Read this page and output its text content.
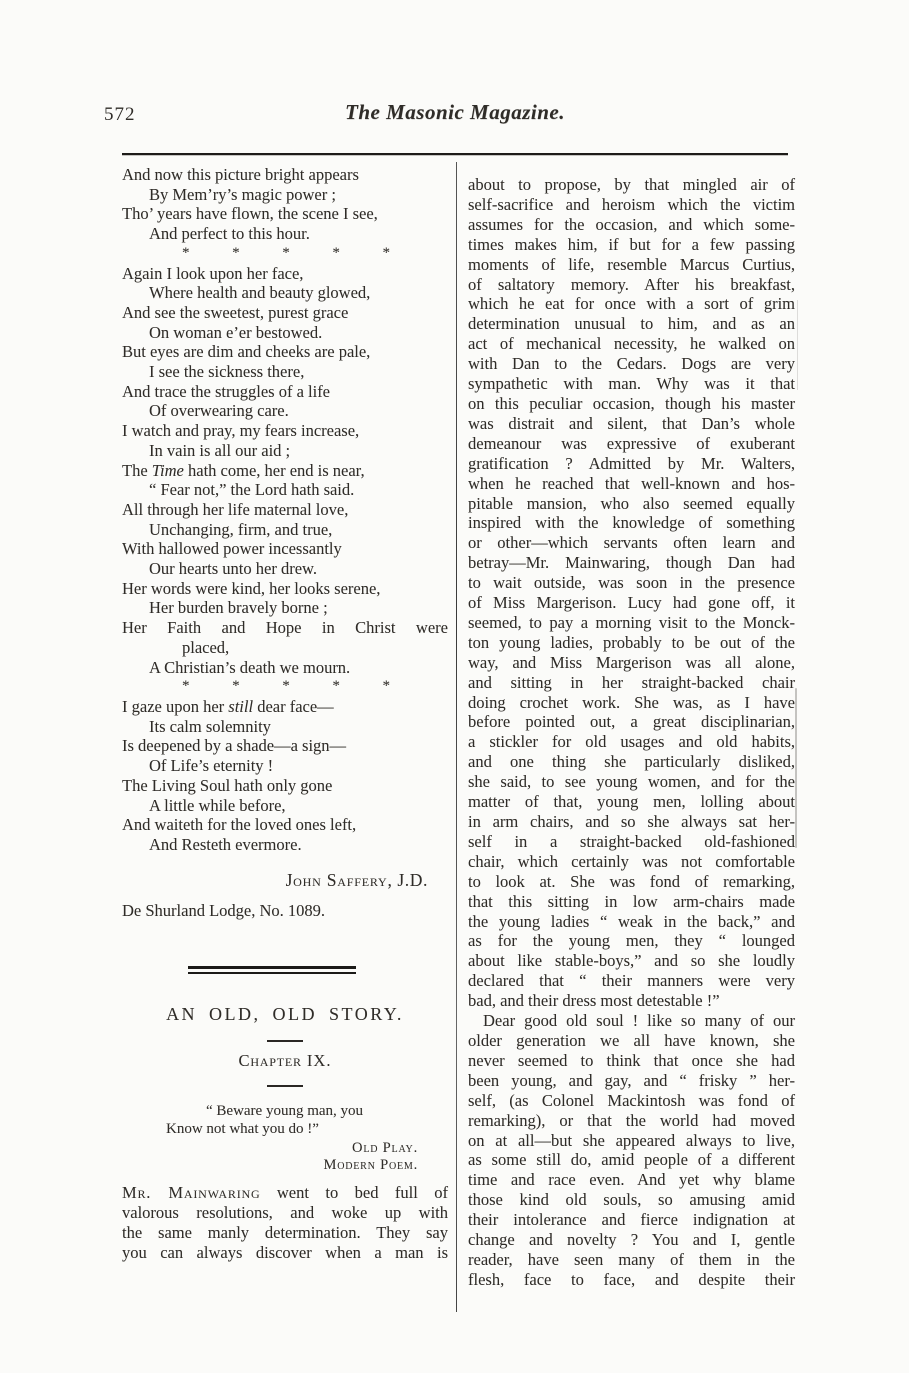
572	The Masonic Magazine.
And now this picture bright appears
By Mem’ry’s magic power ;
Tho’ years have flown, the scene I see,
And perfect to this hour.
*	*	*	*	*
Again I look upon her face,
Where health and beauty glowed,
And see the sweetest, purest grace
On woman e’er bestowed.
But eyes are dim and cheeks are pale,
I see the sickness there,
And trace the struggles of a life
Of overwearing care.
I watch and pray, my fears increase,
In vain is all our aid ;
The Time hath come, her end is near,
“ Fear not,” the Lord hath said.
All through her life maternal love,
Unchanging, firm, and true,
With hallowed power incessantly
Our hearts unto her drew.
Her words were kind, her looks serene,
Her burden bravely borne ;
Her Faith and Hope in Christ were
placed,
A Christian’s death we mourn.
*	*	*	*	*
I gaze upon her still dear face—
Its calm solemnity
Is deepened by a shade—a sign—
Of Life’s eternity !
The Living Soul hath only gone
A little while before,
And waiteth for the loved ones left,
And Resteth evermore.
John Saffery, J.D.
De Shurland Lodge, No. 1089.
AN OLD, OLD STORY.
Chapter IX.
“ Beware young man, you
Know not what you do !”
Old Play.
Modern Poem.
Mr. Mainwaring went to bed full of
valorous resolutions, and woke up with
the same manly determination. They say
you can always discover when a man is
about to propose, by that mingled air of
self-sacrifice and heroism which the victim
assumes for the occasion, and which some-
times makes him, if but for a few passing
moments of life, resemble Marcus Curtius,
of saltatory memory. After his breakfast,
which he eat for once with a sort of grim
determination unusual to him, and as an
act of mechanical necessity, he walked on
with Dan to the Cedars. Dogs are very
sympathetic with man. Why was it that
on this peculiar occasion, though his master
was distrait and silent, that Dan’s whole
demeanour was expressive of exuberant
gratification ? Admitted by Mr. Walters,
when he reached that well-known and hos-
pitable mansion, who also seemed equally
inspired with the knowledge of something
or other—which servants often learn and
betray—Mr. Mainwaring, though Dan had
to wait outside, was soon in the presence
of Miss Margerison. Lucy had gone off, it
seemed, to pay a morning visit to the Monck-
ton young ladies, probably to be out of the
way, and Miss Margerison was all alone,
and sitting in her straight-backed chair
doing crochet work. She was, as I have
before pointed out, a great disciplinarian,
a stickler for old usages and old habits,
and one thing she particularly disliked,
she said, to see young women, and for the
matter of that, young men, lolling about
in arm chairs, and so she always sat her-
self in a straight-backed old-fashioned
chair, which certainly was not comfortable
to look at. She was fond of remarking,
that this sitting in low arm-chairs made
the young ladies “ weak in the back,” and
as for the young men, they “ lounged
about like stable-boys,” and so she loudly
declared that “ their manners were very
bad, and their dress most detestable !”
Dear good old soul ! like so many of our
older generation we all have known, she
never seemed to think that once she had
been young, and gay, and “ frisky ” her-
self, (as Colonel Mackintosh was fond of
remarking), or that the world had moved
on at all—but she appeared always to live,
as some still do, amid people of a different
time and race even. And yet why blame
those kind old souls, so amusing amid
their intolerance and fierce indignation at
change and novelty ? You and I, gentle
reader, have seen many of them in the
flesh, face to face, and despite their
